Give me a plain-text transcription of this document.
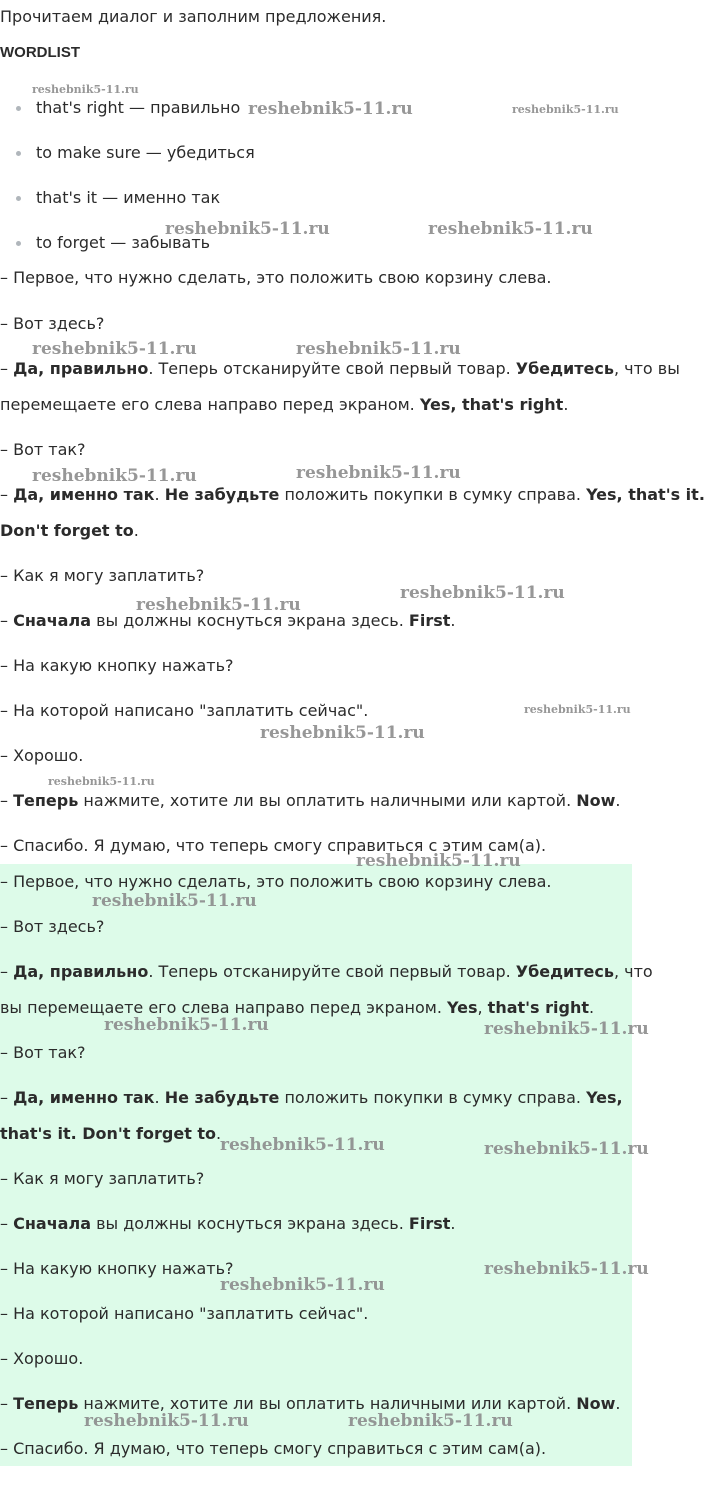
Прочитаем диалог и заполним предложения.
WORDLIST
that's right — правильно
to make sure — убедиться
that's it — именно так
to forget — забывать
– Первое, что нужно сделать, это положить свою корзину слева.
– Вот здесь?
– Да, правильно. Теперь отсканируйте свой первый товар. Убедитесь, что вы
перемещаете его слева направо перед экраном. Yes, that's right.
– Вот так?
– Да, именно так. Не забудьте положить покупки в сумку справа. Yes, that's it.
Don't forget to.
– Как я могу заплатить?
– Сначала вы должны коснуться экрана здесь. First.
– На какую кнопку нажать?
– На которой написано "заплатить сейчас".
– Хорошо.
– Теперь нажмите, хотите ли вы оплатить наличными или картой. Now.
– Спасибо. Я думаю, что теперь смогу справиться с этим сам(а).
– Первое, что нужно сделать, это положить свою корзину слева.
– Вот здесь?
– Да, правильно. Теперь отсканируйте свой первый товар. Убедитесь, что
вы перемещаете его слева направо перед экраном. Yes, that's right.
– Вот так?
– Да, именно так. Не забудьте положить покупки в сумку справа. Yes,
that's it. Don't forget to.
– Как я могу заплатить?
– Сначала вы должны коснуться экрана здесь. First.
– На какую кнопку нажать?
– На которой написано "заплатить сейчас".
– Хорошо.
– Теперь нажмите, хотите ли вы оплатить наличными или картой. Now.
– Спасибо. Я думаю, что теперь смогу справиться с этим сам(а).
reshebnik5-11.ru
reshebnik5-11.ru	reshebnik5-11.ru
reshebnik5-11.ru	reshebnik5-11.ru
reshebnik5-11.ru	reshebnik5-11.ru
reshebnik5-11.ru	reshebnik5-11.ru
reshebnik5-11.ru
reshebnik5-11.ru
reshebnik5-11.ru
reshebnik5-11.ru
reshebnik5-11.ru
reshebnik5-11.ru
reshebnik5-11.ru
reshebnik5-11.ru	reshebnik5-11.ru
reshebnik5-11.ru	reshebnik5-11.ru
reshebnik5-11.ru
reshebnik5-11.ru
reshebnik5-11.ru	reshebnik5-11.ru
